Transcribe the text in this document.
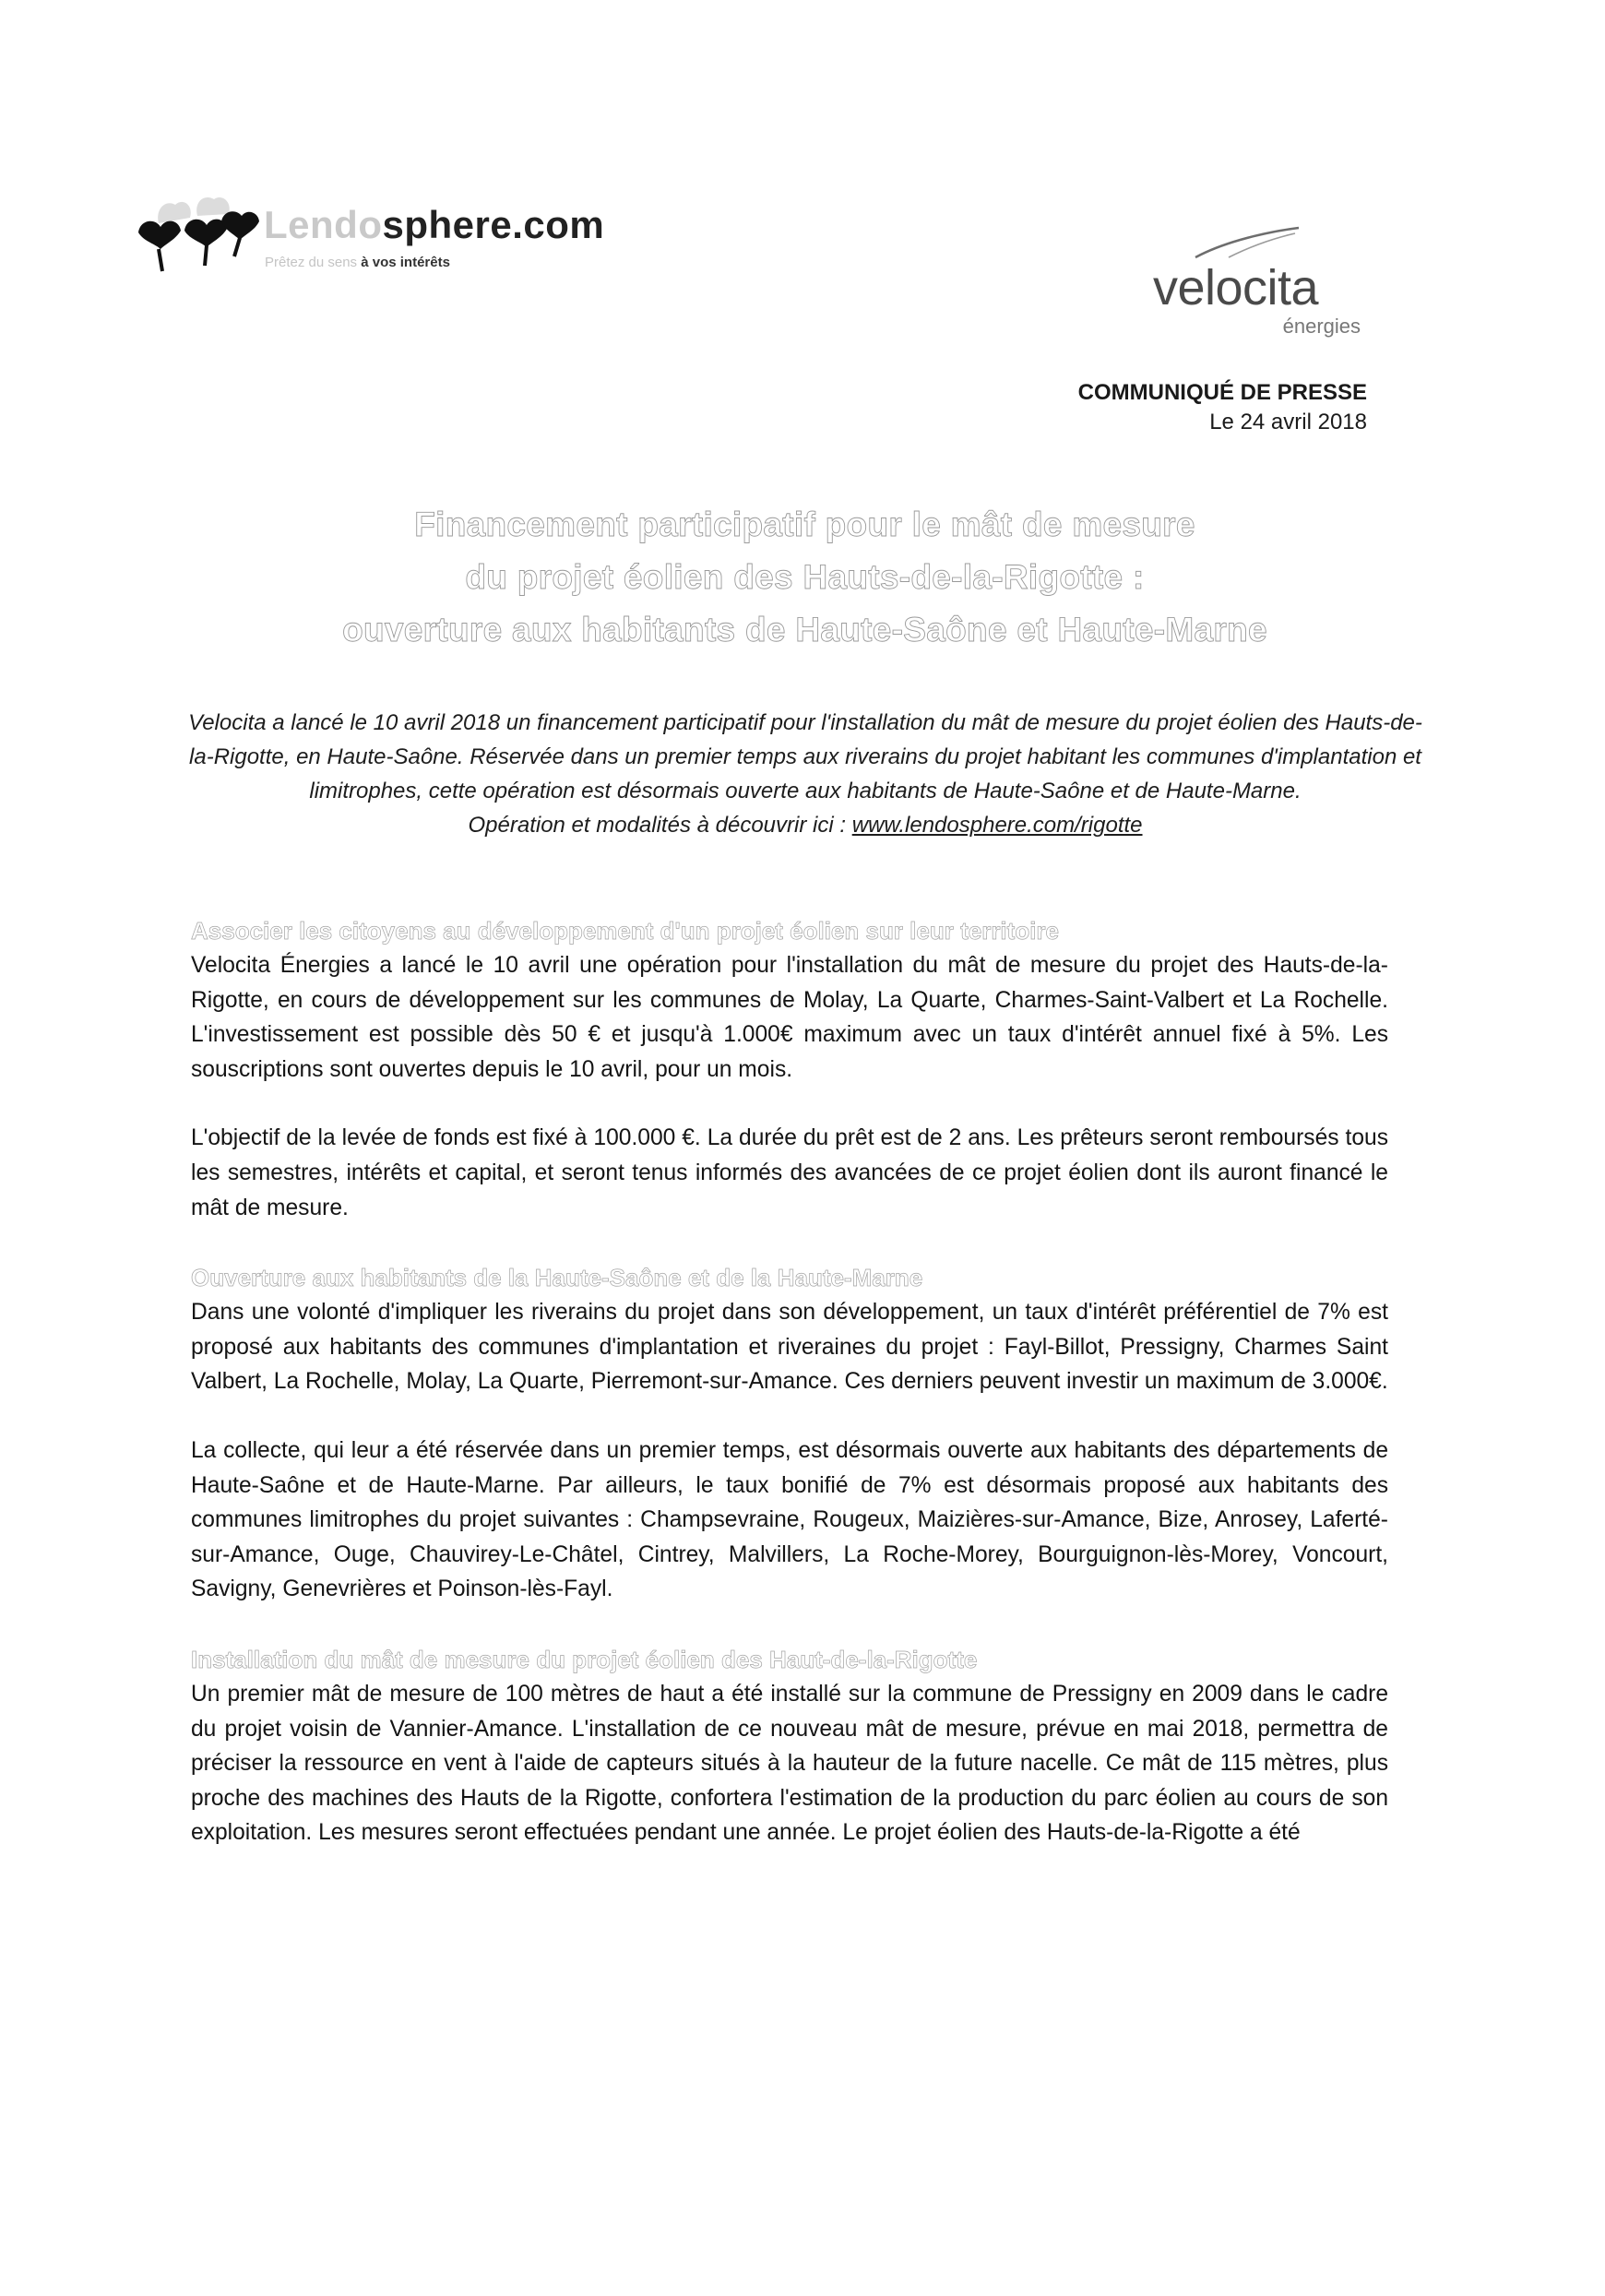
Lendosphere.com
Prêtez du sens à vos intérêts	velocita
énergies
COMMUNIQUÉ DE PRESSE
Le 24 avril 2018
Financement participatif pour le mât de mesure
du projet éolien des Hauts-de-la-Rigotte :
ouverture aux habitants de Haute-Saône et Haute-Marne

Velocita a lancé le 10 avril 2018 un financement participatif pour l'installation du mât de mesure du projet éolien des Hauts-de-la-Rigotte, en Haute-Saône. Réservée dans un premier temps aux riverains du projet habitant les communes d'implantation et limitrophes, cette opération est désormais ouverte aux habitants de Haute-Saône et de Haute-Marne.

Opération et modalités à découvrir ici : www.lendosphere.com/rigotte

Associer les citoyens au développement d'un projet éolien sur leur territoire

Velocita Énergies a lancé le 10 avril une opération pour l'installation du mât de mesure du projet des Hauts-de-la-Rigotte, en cours de développement sur les communes de Molay, La Quarte, Charmes-Saint-Valbert et La Rochelle. L'investissement est possible dès 50 € et jusqu'à 1.000€ maximum avec un taux d'intérêt annuel fixé à 5%. Les souscriptions sont ouvertes depuis le 10 avril, pour un mois.

L'objectif de la levée de fonds est fixé à 100.000 €. La durée du prêt est de 2 ans. Les prêteurs seront remboursés tous les semestres, intérêts et capital, et seront tenus informés des avancées de ce projet éolien dont ils auront financé le mât de mesure.

Ouverture aux habitants de la Haute-Saône et de la Haute-Marne

Dans une volonté d'impliquer les riverains du projet dans son développement, un taux d'intérêt préférentiel de 7% est proposé aux habitants des communes d'implantation et riveraines du projet : Fayl-Billot, Pressigny, Charmes Saint Valbert, La Rochelle, Molay, La Quarte, Pierremont-sur-Amance. Ces derniers peuvent investir un maximum de 3.000€.

La collecte, qui leur a été réservée dans un premier temps, est désormais ouverte aux habitants des départements de Haute-Saône et de Haute-Marne. Par ailleurs, le taux bonifié de 7% est désormais proposé aux habitants des communes limitrophes du projet suivantes : Champsevraine, Rougeux, Maizières-sur-Amance, Bize, Anrosey, Laferté-sur-Amance, Ouge, Chauvirey-Le-Châtel, Cintrey, Malvillers, La Roche-Morey, Bourguignon-lès-Morey, Voncourt, Savigny, Genevrières et Poinson-lès-Fayl.

Installation du mât de mesure du projet éolien des Haut-de-la-Rigotte

Un premier mât de mesure de 100 mètres de haut a été installé sur la commune de Pressigny en 2009 dans le cadre du projet voisin de Vannier-Amance. L'installation de ce nouveau mât de mesure, prévue en mai 2018, permettra de préciser la ressource en vent à l'aide de capteurs situés à la hauteur de la future nacelle. Ce mât de 115 mètres, plus proche des machines des Hauts de la Rigotte, confortera l'estimation de la production du parc éolien au cours de son exploitation. Les mesures seront effectuées pendant une année. Le projet éolien des Hauts-de-la-Rigotte a été
